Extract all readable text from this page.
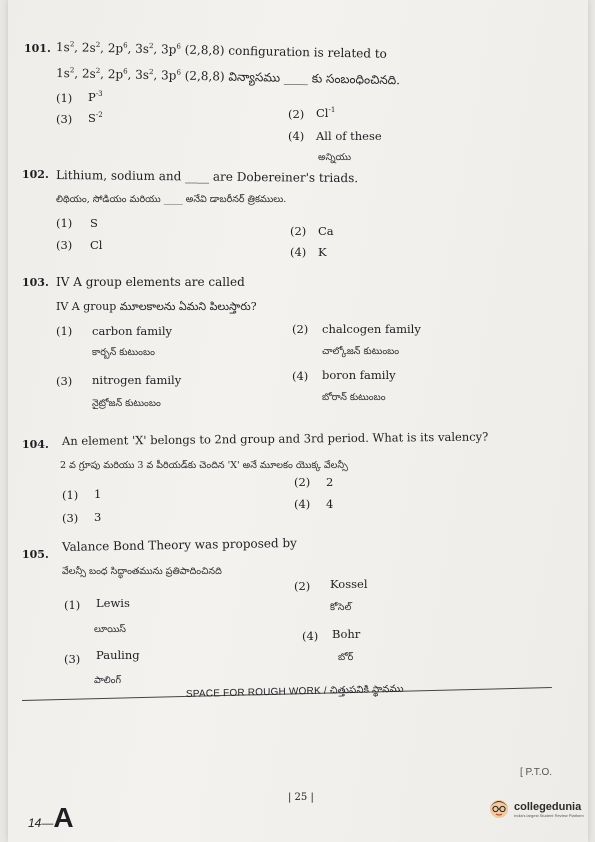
101. $1s^2$, $2s^2$, $2p^6$, $3s^2$, $3p^6$ (2,8,8) configuration is related to
$1s^2$, $2s^2$, $2p^6$, $3s^2$, $3p^6$ (2,8,8) విన్యాసము ____ కు సంబంధించినది.
(1) $P^{-3}$
(3) $S^{-2}$	(2) $Cl^{-1}$
(4) All of these
అన్నియు
102. Lithium, sodium and ____ are Dobereiner's triads.
లిథియం, సోడియం మరియు ____ అనేవి డాబరీనర్ త్రికములు.
(1) S
(3) Cl
(2) Ca
(4) K
103. IV A group elements are called
IV A group మూలకాలను ఏమని పిలుస్తారు?
(1) carbon family
కార్బన్ కుటుంబం
(2) chalcogen family
చాల్కోజన్ కుటుంబం
(3) nitrogen family
నైట్రోజన్ కుటుంబం
(4) boron family
బోరాన్ కుటుంబం
104. An element 'X' belongs to 2nd group and 3rd period. What is its valency?
2 వ గ్రూపు మరియు 3 వ పీరియడ్‌కు చెందిన 'X' అనే మూలకం యొక్క వేలన్సీ
(1) 1
(3) 3
(2) 2
(4) 4
105.
Valance Bond Theory was proposed by
వేలన్సీ బంధ సిద్ధాంతమును ప్రతిపాదించినది
(1) Lewis
లూయిస్
(2) Kossel
కోసెల్
(3) Pauling
పాలింగ్
(4) Bohr
బోర్
SPACE FOR ROUGH WORK / చిత్తుపనికి స్థానము
| 25 |
[ P.T.O.
14—A	collegedunia
India's largest Student Review Platform
